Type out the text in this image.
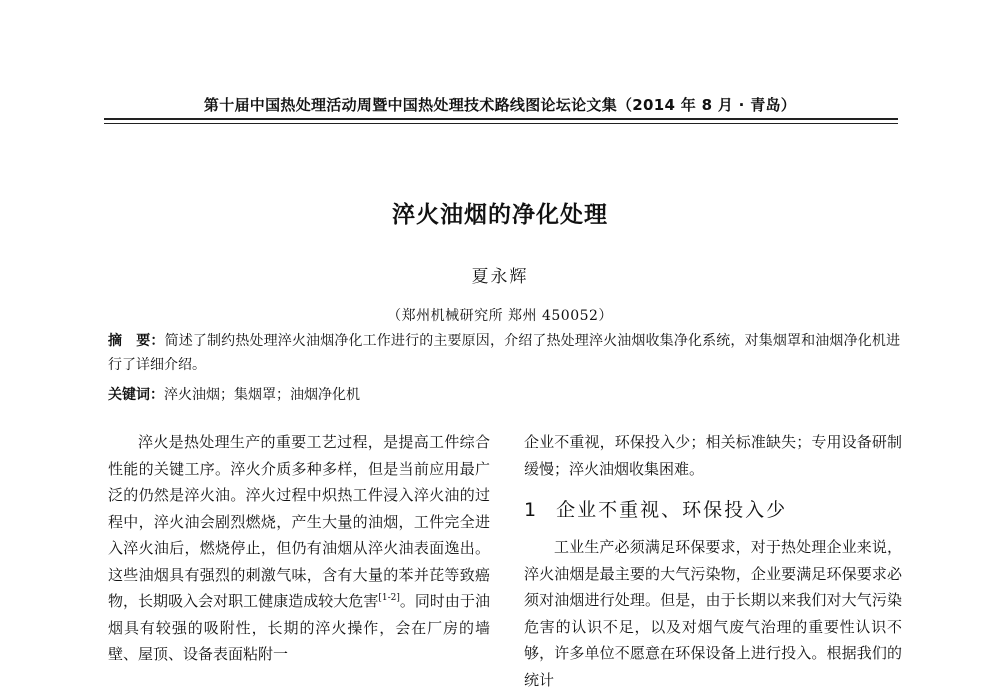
第十届中国热处理活动周暨中国热处理技术路线图论坛论文集（2014 年 8 月 · 青岛）
淬火油烟的净化处理
夏永辉
（郑州机械研究所 郑州 450052）
摘　要：简述了制约热处理淬火油烟净化工作进行的主要原因，介绍了热处理淬火油烟收集净化系统，对集烟罩和油烟净化机进行了详细介绍。
关键词：淬火油烟；集烟罩；油烟净化机

淬火是热处理生产的重要工艺过程，是提高工件综合性能的关键工序。淬火介质多种多样，但是当前应用最广泛的仍然是淬火油。淬火过程中炽热工件浸入淬火油的过程中，淬火油会剧烈燃烧，产生大量的油烟，工件完全进入淬火油后，燃烧停止，但仍有油烟从淬火油表面逸出。这些油烟具有强烈的刺激气味，含有大量的苯并芘等致癌物，长期吸入会对职工健康造成较大危害[1-2]。同时由于油烟具有较强的吸附性，长期的淬火操作，会在厂房的墙壁、屋顶、设备表面粘附一

企业不重视，环保投入少；相关标准缺失；专用设备研制缓慢；淬火油烟收集困难。

1 企业不重视、环保投入少

工业生产必须满足环保要求，对于热处理企业来说，淬火油烟是最主要的大气污染物，企业要满足环保要求必须对油烟进行处理。但是，由于长期以来我们对大气污染危害的认识不足，以及对烟气废气治理的重要性认识不够，许多单位不愿意在环保设备上进行投入。根据我们的统计
